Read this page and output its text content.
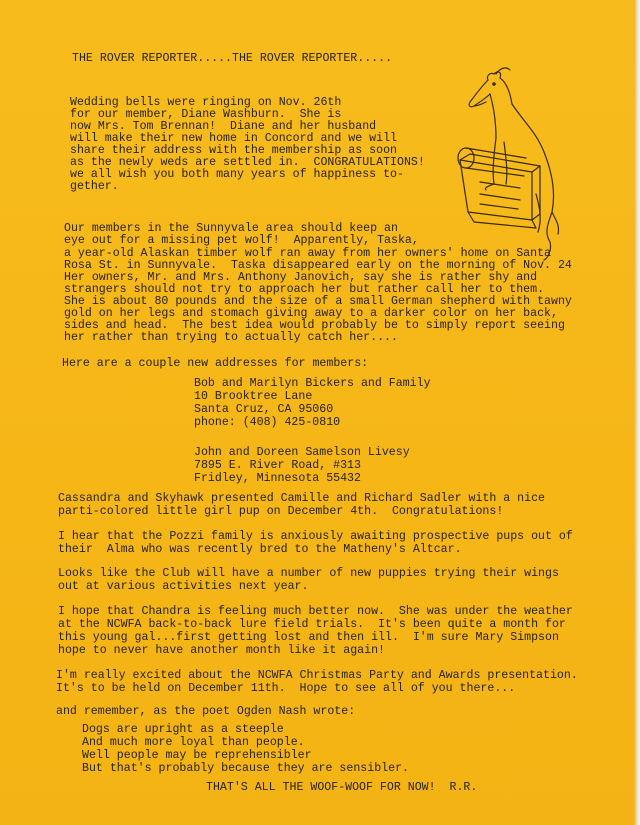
THE ROVER REPORTER.....THE ROVER REPORTER.....
Wedding bells were ringing on Nov. 26th
for our member, Diane Washburn.  She is
now Mrs. Tom Brennan!  Diane and her husband
will make their new home in Concord and we will
share their address with the membership as soon
as the newly weds are settled in.  CONGRATULATIONS!
we all wish you both many years of happiness to-
gether.
Our members in the Sunnyvale area should keep an
eye out for a missing pet wolf!  Apparently, Taska,
a year-old Alaskan timber wolf ran away from her owners' home on Santa
Rosa St. in Sunnyvale.  Taska disappeared early on the morning of Nov. 24
Her owners, Mr. and Mrs. Anthony Janovich, say she is rather shy and
strangers should not try to approach her but rather call her to them.
She is about 80 pounds and the size of a small German shepherd with tawny
gold on her legs and stomach giving away to a darker color on her back,
sides and head.  The best idea would probably be to simply report seeing
her rather than trying to actually catch her....
Here are a couple new addresses for members:
Bob and Marilyn Bickers and Family
10 Brooktree Lane
Santa Cruz, CA 95060
phone: (408) 425-0810
John and Doreen Samelson Livesy
7895 E. River Road, #313
Fridley, Minnesota 55432
Cassandra and Skyhawk presented Camille and Richard Sadler with a nice
parti-colored little girl pup on December 4th.  Congratulations!
I hear that the Pozzi family is anxiously awaiting prospective pups out of
their  Alma who was recently bred to the Matheny's Altcar.
Looks like the Club will have a number of new puppies trying their wings
out at various activities next year.
I hope that Chandra is feeling much better now.  She was under the weather
at the NCWFA back-to-back lure field trials.  It's been quite a month for
this young gal...first getting lost and then ill.  I'm sure Mary Simpson
hope to never have another month like it again!
I'm really excited about the NCWFA Christmas Party and Awards presentation.
It's to be held on December 11th.  Hope to see all of you there...
and remember, as the poet Ogden Nash wrote:
Dogs are upright as a steeple
And much more loyal than people.
Well people may be reprehensibler
But that's probably because they are sensibler.
THAT'S ALL THE WOOF-WOOF FOR NOW!  R.R.
